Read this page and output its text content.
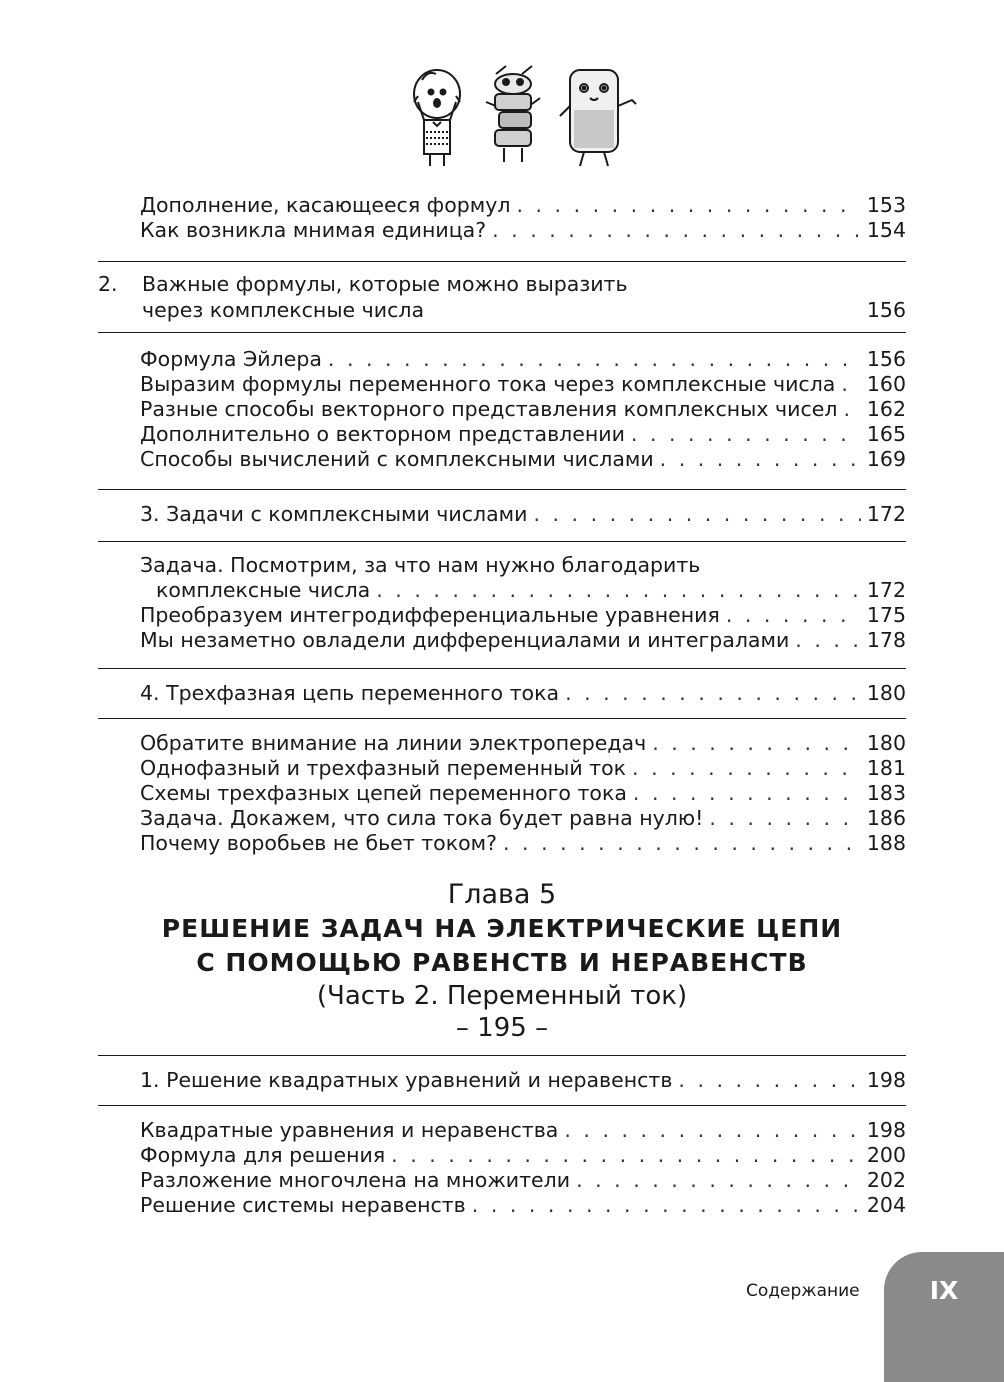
Дополнение, касающееся формул . . .	153
Как возникла мнимая единица? . . .	154
2. Важные формулы, которые можно выразить
через комплексные числа	156
Формула Эйлера . . .	156
Выразим формулы переменного тока через комплексные числа . . . 160
Разные способы векторного представления комплексных чисел . . . 162
Дополнительно о векторном представлении . . .	165
Способы вычислений с комплексными числами . . .	169
3. Задачи с комплексными числами . . .	172
Задача. Посмотрим, за что нам нужно благодарить
комплексные числа . . .	172
Преобразуем интегродифференциальные уравнения . . .	175
Мы незаметно овладели дифференциалами и интегралами . . .	178
4. Трехфазная цепь переменного тока . . .	180
Обратите внимание на линии электропередач . . .	180
Однофазный и трехфазный переменный ток . . .	181
Схемы трехфазных цепей переменного тока . . .	183
Задача. Докажем, что сила тока будет равна нулю! . . .	186
Почему воробьев не бьет током? . . .	188
Глава 5
РЕШЕНИЕ ЗАДАЧ НА ЭЛЕКТРИЧЕСКИЕ ЦЕПИ
С ПОМОЩЬЮ РАВЕНСТВ И НЕРАВЕНСТВ
(Часть 2. Переменный ток)
– 195 –
1. Решение квадратных уравнений и неравенств . . .	198
Квадратные уравнения и неравенства . . .	198
Формула для решения . . .	200
Разложение многочлена на множители . . .	202
Решение системы неравенств . . .	204
Содержание	IX
